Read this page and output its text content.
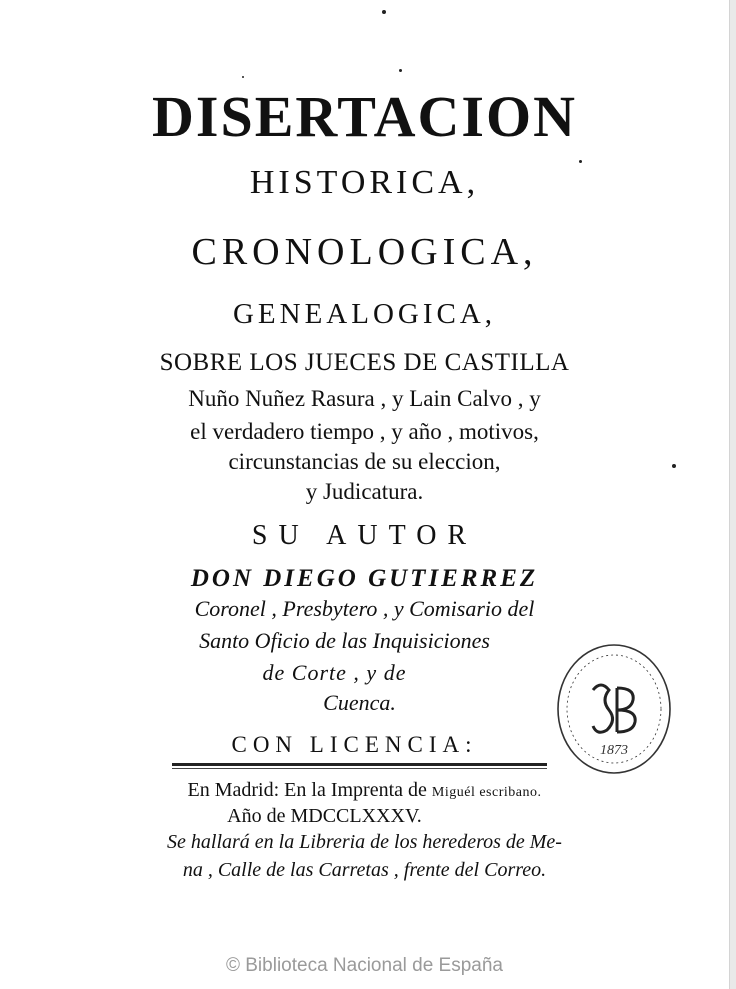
DISERTACION
HISTORICA,
CRONOLOGICA,
GENEALOGICA,
SOBRE LOS JUECES DE CASTILLA
Nuño Nuñez Rasura , y Lain Calvo , y
el verdadero tiempo , y año , motivos,
circunstancias de su eleccion,
y Judicatura.
SU AUTOR
DON DIEGO GUTIERREZ
Coronel , Presbytero , y Comisario del
Santo Oficio de las Inquisiciones
de Corte , y de
Cuenca.
CON LICENCIA:
En Madrid: En la Imprenta de Miguél escribano.
Año de MDCCLXXXV.
Se hallará en la Libreria de los herederos de Me-
na , Calle de las Carretas , frente del Correo.
1873
© Biblioteca Nacional de España
